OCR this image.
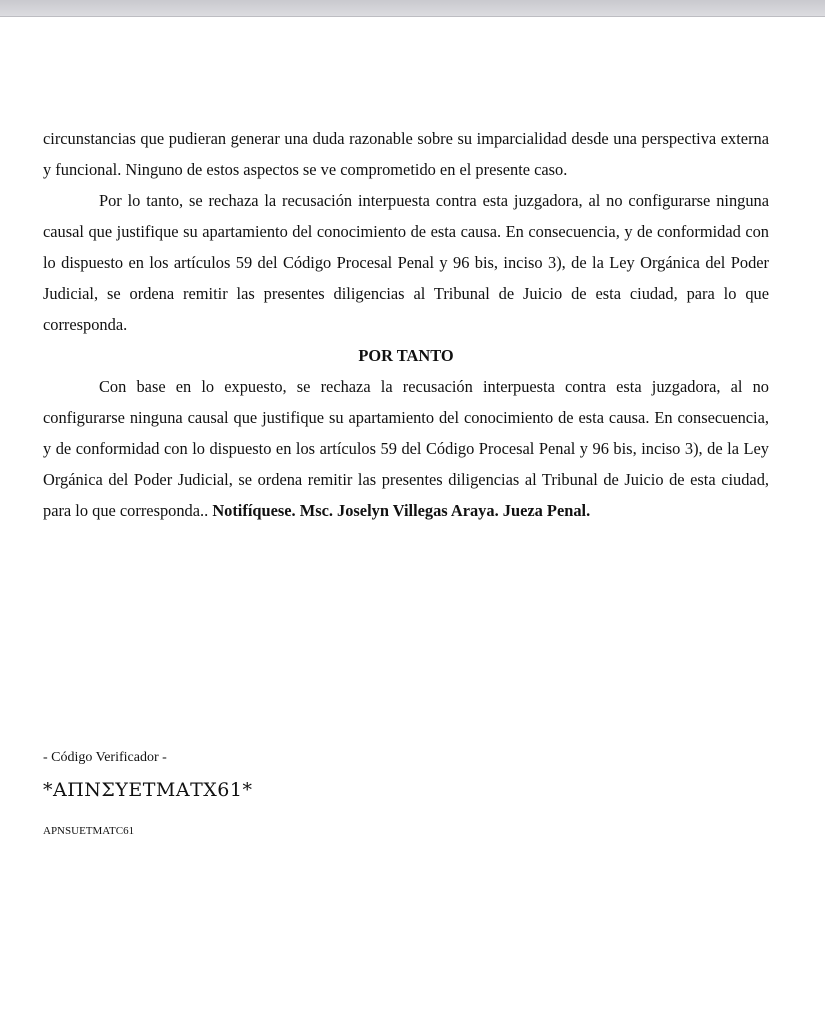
circunstancias que pudieran generar una duda razonable sobre su imparcialidad desde una perspectiva externa y funcional. Ninguno de estos aspectos se ve comprometido en el presente caso.

Por lo tanto, se rechaza la recusación interpuesta contra esta juzgadora, al no configurarse ninguna causal que justifique su apartamiento del conocimiento de esta causa. En consecuencia, y de conformidad con lo dispuesto en los artículos 59 del Código Procesal Penal y 96 bis, inciso 3), de la Ley Orgánica del Poder Judicial, se ordena remitir las presentes diligencias al Tribunal de Juicio de esta ciudad, para lo que corresponda.

POR TANTO

Con base en lo expuesto, se rechaza la recusación interpuesta contra esta juzgadora, al no configurarse ninguna causal que justifique su apartamiento del conocimiento de esta causa. En consecuencia, y de conformidad con lo dispuesto en los artículos 59 del Código Procesal Penal y 96 bis, inciso 3), de la Ley Orgánica del Poder Judicial, se ordena remitir las presentes diligencias al Tribunal de Juicio de esta ciudad, para lo que corresponda.. Notifíquese. Msc. Joselyn Villegas Araya. Jueza Penal.

- Código Verificador -
*ΑΠΝΣΥΕΤΜΑΤΧ61*
APNSUETMATC61
